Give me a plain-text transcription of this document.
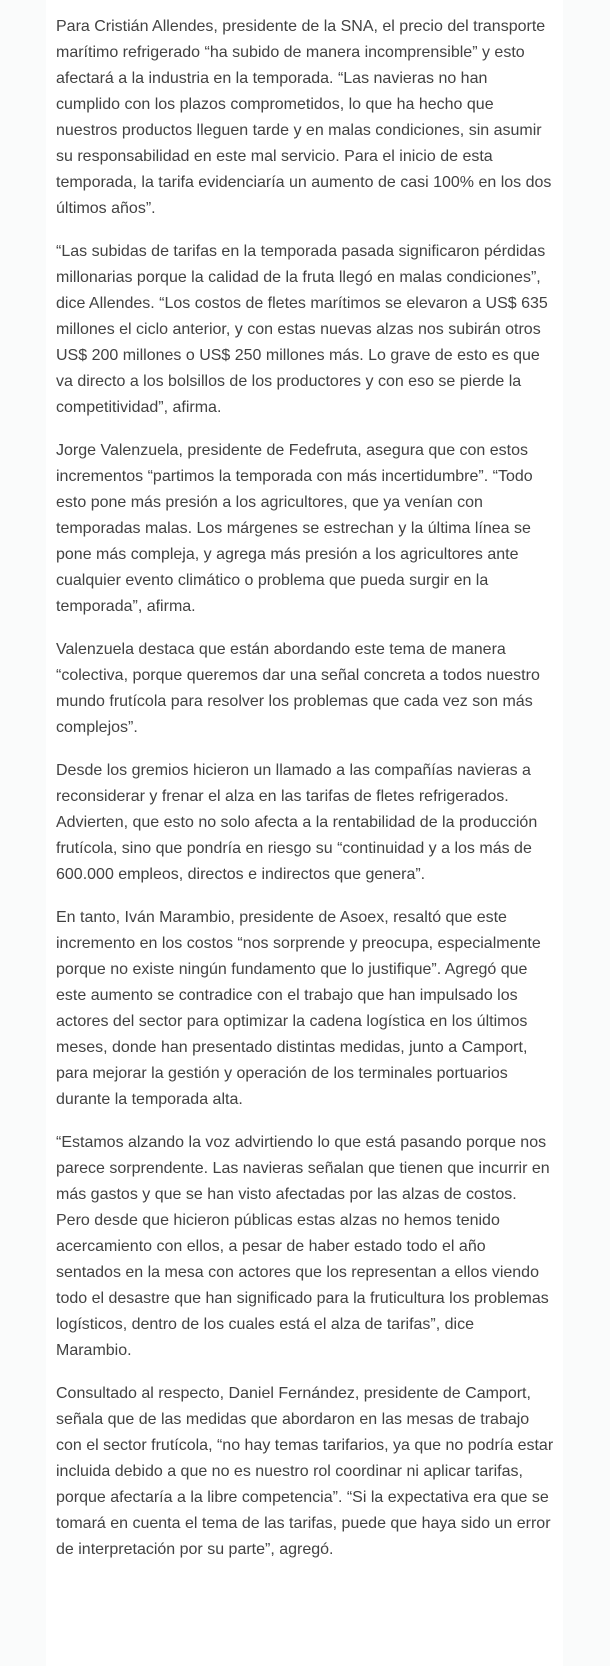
Para Cristián Allendes, presidente de la SNA, el precio del transporte marítimo refrigerado “ha subido de manera incomprensible” y esto afectará a la industria en la temporada. “Las navieras no han cumplido con los plazos comprometidos, lo que ha hecho que nuestros productos lleguen tarde y en malas condiciones, sin asumir su responsabilidad en este mal servicio. Para el inicio de esta temporada, la tarifa evidenciaría un aumento de casi 100% en los dos últimos años”.

“Las subidas de tarifas en la temporada pasada significaron pérdidas millonarias porque la calidad de la fruta llegó en malas condiciones”, dice Allendes. “Los costos de fletes marítimos se elevaron a US$ 635 millones el ciclo anterior, y con estas nuevas alzas nos subirán otros US$ 200 millones o US$ 250 millones más. Lo grave de esto es que va directo a los bolsillos de los productores y con eso se pierde la competitividad”, afirma.

Jorge Valenzuela, presidente de Fedefruta, asegura que con estos incrementos “partimos la temporada con más incertidumbre”. “Todo esto pone más presión a los agricultores, que ya venían con temporadas malas. Los márgenes se estrechan y la última línea se pone más compleja, y agrega más presión a los agricultores ante cualquier evento climático o problema que pueda surgir en la temporada”, afirma.

Valenzuela destaca que están abordando este tema de manera “colectiva, porque queremos dar una señal concreta a todos nuestro mundo frutícola para resolver los problemas que cada vez son más complejos”.

Desde los gremios hicieron un llamado a las compañías navieras a reconsiderar y frenar el alza en las tarifas de fletes refrigerados. Advierten, que esto no solo afecta a la rentabilidad de la producción frutícola, sino que pondría en riesgo su “continuidad y a los más de 600.000 empleos, directos e indirectos que genera”.

En tanto, Iván Marambio, presidente de Asoex, resaltó que este incremento en los costos “nos sorprende y preocupa, especialmente porque no existe ningún fundamento que lo justifique”. Agregó que este aumento se contradice con el trabajo que han impulsado los actores del sector para optimizar la cadena logística en los últimos meses, donde han presentado distintas medidas, junto a Camport, para mejorar la gestión y operación de los terminales portuarios durante la temporada alta.

“Estamos alzando la voz advirtiendo lo que está pasando porque nos parece sorprendente. Las navieras señalan que tienen que incurrir en más gastos y que se han visto afectadas por las alzas de costos. Pero desde que hicieron públicas estas alzas no hemos tenido acercamiento con ellos, a pesar de haber estado todo el año sentados en la mesa con actores que los representan a ellos viendo todo el desastre que han significado para la fruticultura los problemas logísticos, dentro de los cuales está el alza de tarifas”, dice Marambio.

Consultado al respecto, Daniel Fernández, presidente de Camport, señala que de las medidas que abordaron en las mesas de trabajo con el sector frutícola, “no hay temas tarifarios, ya que no podría estar incluida debido a que no es nuestro rol coordinar ni aplicar tarifas, porque afectaría a la libre competencia”. “Si la expectativa era que se tomará en cuenta el tema de las tarifas, puede que haya sido un error de interpretación por su parte”, agregó.
